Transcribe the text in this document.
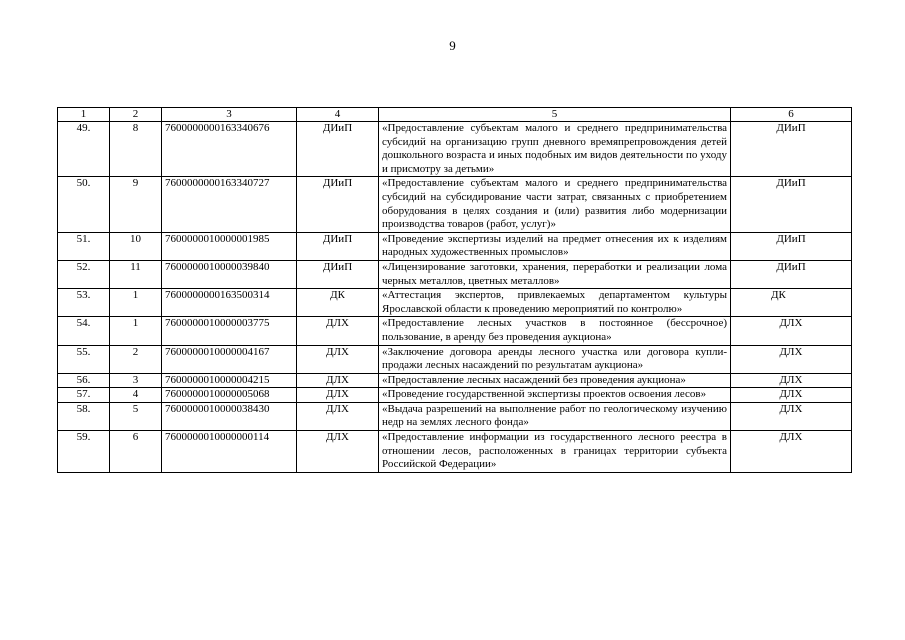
9
1	2	3	4	5	6
49.	8	7600000000163340676	ДИиП	«Предоставление субъектам малого и среднего предпринимательства субсидий на организацию групп дневного времяпрепровождения детей дошкольного возраста и иных подобных им видов деятельности по уходу и присмотру за детьми»	ДИиП
50.	9	7600000000163340727	ДИиП	«Предоставление субъектам малого и среднего предпринимательства субсидий на субсидирование части затрат, связанных с приобретением оборудования в целях создания и (или) развития либо модернизации производства товаров (работ, услуг)»	ДИиП
51.	10	7600000010000001985	ДИиП	«Проведение экспертизы изделий на предмет отнесения их к изделиям народных художественных промыслов»	ДИиП
52.	11	7600000010000039840	ДИиП	«Лицензирование заготовки, хранения, переработки и реализации лома черных металлов, цветных металлов»	ДИиП
53.	1	7600000000163500314	ДК	«Аттестация экспертов, привлекаемых департаментом культуры Ярославской области к проведению мероприятий по контролю»	ДК
54.	1	7600000010000003775	ДЛХ	«Предоставление лесных участков в постоянное (бессрочное) пользование, в аренду без проведения аукциона»	ДЛХ
55.	2	7600000010000004167	ДЛХ	«Заключение договора аренды лесного участка или договора купли-продажи лесных насаждений по результатам аукциона»	ДЛХ
56.	3	7600000010000004215	ДЛХ	«Предоставление лесных насаждений без проведения аукциона»	ДЛХ
57.	4	7600000010000005068	ДЛХ	«Проведение государственной экспертизы проектов освоения лесов»	ДЛХ
58.	5	7600000010000038430	ДЛХ	«Выдача разрешений на выполнение работ по геологическому изучению недр на землях лесного фонда»	ДЛХ
59.	6	7600000010000000114	ДЛХ	«Предоставление информации из государственного лесного реестра в отношении лесов, расположенных в границах территории субъекта Российской Федерации»	ДЛХ
